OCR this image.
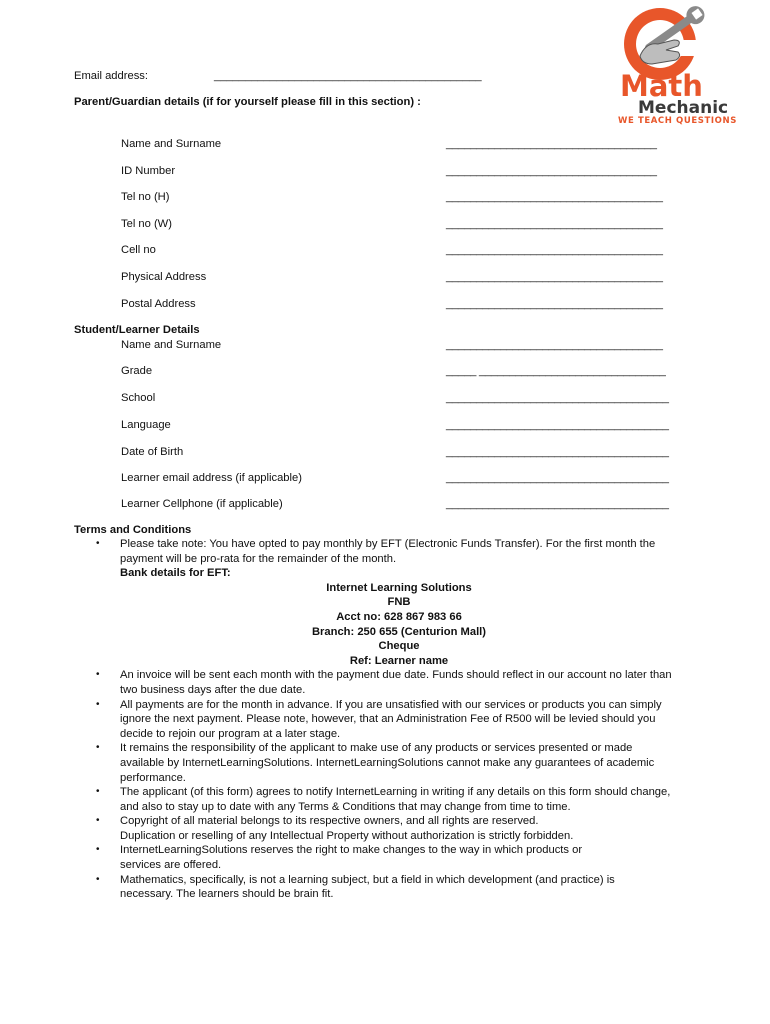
Math
Mechanic
WE TEACH QUESTIONS
Email address:	___________________________________________
Parent/Guardian details (if for yourself please fill in this section) :
Name and Surname	___________________________________
ID Number	___________________________________
Tel no (H)	____________________________________
Tel no (W)	____________________________________
Cell no	____________________________________
Physical Address	____________________________________
Postal Address	____________________________________
Student/Learner Details
Name and Surname	____________________________________
Grade	_____ _______________________________
School	_____________________________________
Language	_____________________________________
Date of Birth	_____________________________________
Learner email address (if applicable)	_____________________________________
Learner Cellphone (if applicable)	_____________________________________
Terms and Conditions
• Please take note: You have opted to pay monthly by EFT (Electronic Funds Transfer). For the first month the
payment will be pro-rata for the remainder of the month.
Bank details for EFT:
Internet Learning Solutions
FNB
Acct no: 628 867 983 66
Branch: 250 655 (Centurion Mall)
Cheque
Ref: Learner name
• An invoice will be sent each month with the payment due date. Funds should reflect in our account no later than
two business days after the due date.
• All payments are for the month in advance. If you are unsatisfied with our services or products you can simply
ignore the next payment. Please note, however, that an Administration Fee of R500 will be levied should you
decide to rejoin our program at a later stage.
• It remains the responsibility of the applicant to make use of any products or services presented or made
available by InternetLearningSolutions. InternetLearningSolutions cannot make any guarantees of academic
performance.
• The applicant (of this form) agrees to notify InternetLearning in writing if any details on this form should change,
and also to stay up to date with any Terms & Conditions that may change from time to time.
• Copyright of all material belongs to its respective owners, and all rights are reserved.
Duplication or reselling of any Intellectual Property without authorization is strictly forbidden.
• InternetLearningSolutions reserves the right to make changes to the way in which products or
services are offered.
• Mathematics, specifically, is not a learning subject, but a field in which development (and practice) is
necessary. The learners should be brain fit.
